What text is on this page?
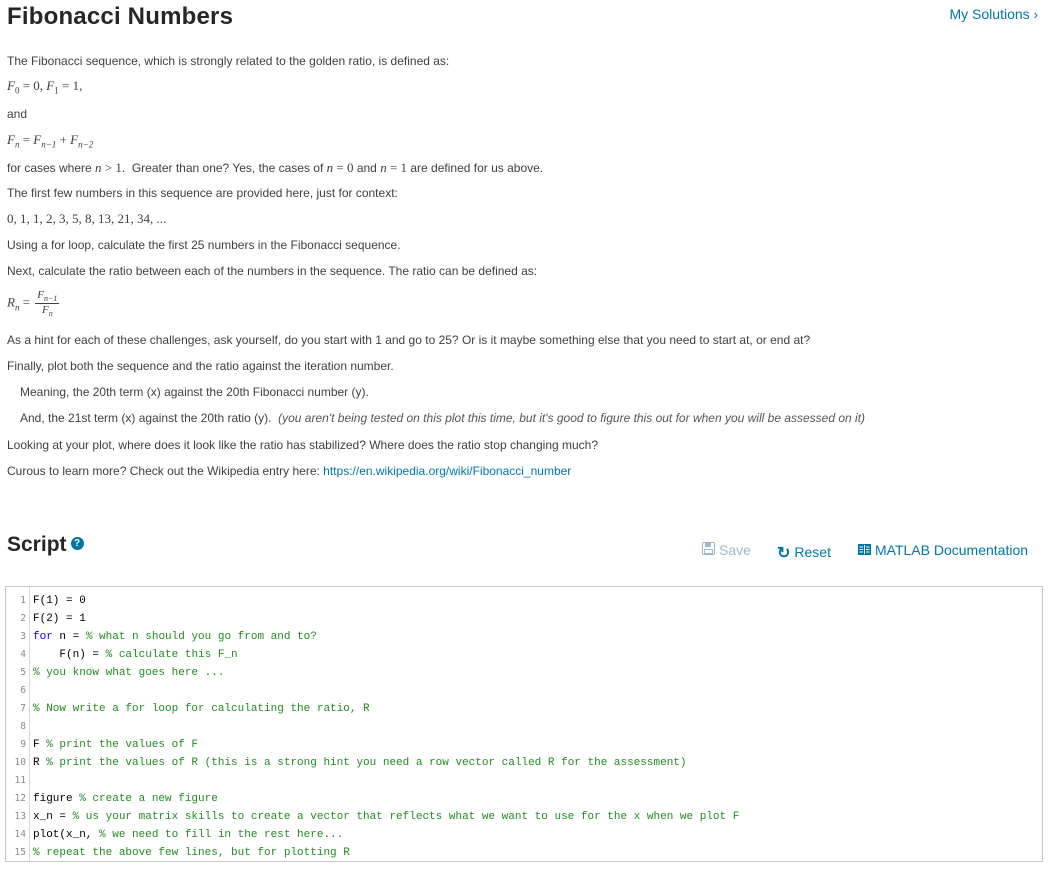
Fibonacci Numbers	My Solutions ›
The Fibonacci sequence, which is strongly related to the golden ratio, is defined as:
$F_0 = 0$, $F_1 = 1$,
and
$F_n = F_{n-1} + F_{n-2}$
for cases where n > 1. Greater than one? Yes, the cases of n = 0 and n = 1 are defined for us above.
The first few numbers in this sequence are provided here, just for context:
0, 1, 1, 2, 3, 5, 8, 13, 21, 34, ...
Using a for loop, calculate the first 25 numbers in the Fibonacci sequence.
Next, calculate the ratio between each of the numbers in the sequence. The ratio can be defined as:
$R_n = \frac{F_{n-1}}{F_n}$
As a hint for each of these challenges, ask yourself, do you start with 1 and go to 25? Or is it maybe something else that you need to start at, or end at?
Finally, plot both the sequence and the ratio against the iteration number.
Meaning, the 20th term (x) against the 20th Fibonacci number (y).
And, the 21st term (x) against the 20th ratio (y). (you aren't being tested on this plot this time, but it's good to figure this out for when you will be assessed on it)
Looking at your plot, where does it look like the ratio has stabilized? Where does the ratio stop changing much?
Curous to learn more? Check out the Wikipedia entry here: https://en.wikipedia.org/wiki/Fibonacci_number
Script ?	Save ↻ Reset	MATLAB Documentation
1 F(1) = 0
2 F(2) = 1
3 for n = % what n should you go from and to?
4 F(n) = % calculate this F_n
5 % you know what goes here ...
6
7 % Now write a for loop for calculating the ratio, R
8
9 F % print the values of F
10 R % print the values of R (this is a strong hint you need a row vector called R for the assessment)
11
12 figure % create a new figure
13 x_n = % us your matrix skills to create a vector that reflects what we want to use for the x when we plot F
14 plot(x_n, % we need to fill in the rest here...
15 % repeat the above few lines, but for plotting R
